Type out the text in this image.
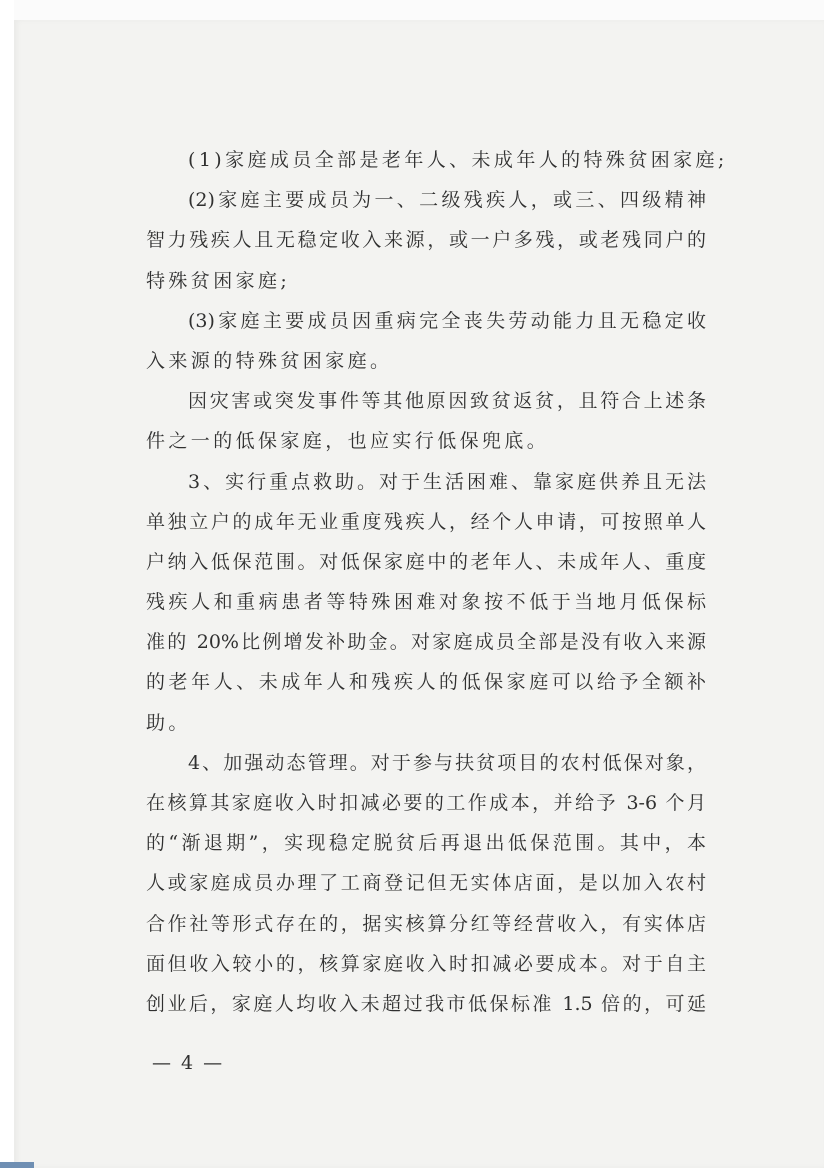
(1)家庭成员全部是老年人、未成年人的特殊贫困家庭;

(2)家庭主要成员为一、二级残疾人，或三、四级精神

智力残疾人且无稳定收入来源，或一户多残，或老残同户的

特殊贫困家庭;

(3)家庭主要成员因重病完全丧失劳动能力且无稳定收

入来源的特殊贫困家庭。

因灾害或突发事件等其他原因致贫返贫，且符合上述条

件之一的低保家庭，也应实行低保兜底。

3、实行重点救助。对于生活困难、靠家庭供养且无法

单独立户的成年无业重度残疾人，经个人申请，可按照单人

户纳入低保范围。对低保家庭中的老年人、未成年人、重度

残疾人和重病患者等特殊困难对象按不低于当地月低保标

准的 20%比例增发补助金。对家庭成员全部是没有收入来源

的老年人、未成年人和残疾人的低保家庭可以给予全额补

助。

4、加强动态管理。对于参与扶贫项目的农村低保对象，

在核算其家庭收入时扣减必要的工作成本，并给予 3-6 个月

的“渐退期”，实现稳定脱贫后再退出低保范围。其中，本

人或家庭成员办理了工商登记但无实体店面，是以加入农村

合作社等形式存在的，据实核算分红等经营收入，有实体店

面但收入较小的，核算家庭收入时扣减必要成本。对于自主

创业后，家庭人均收入未超过我市低保标准 1.5 倍的，可延

— 4 —
